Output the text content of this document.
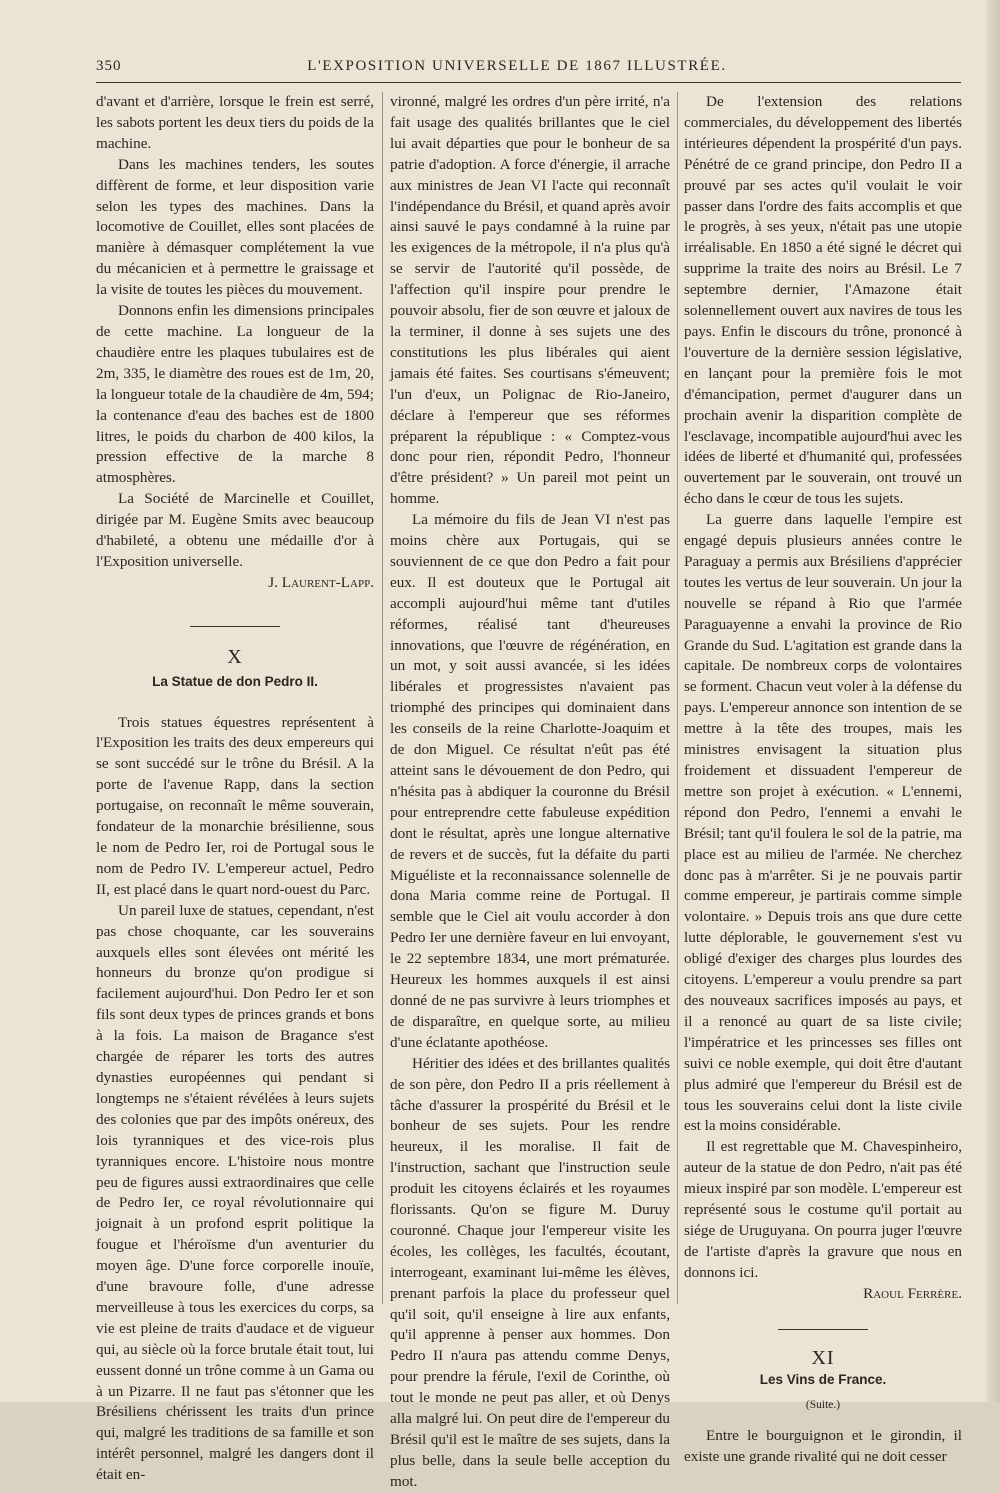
L'EXPOSITION UNIVERSELLE DE 1867 ILLUSTRÉE.
350

d'avant et d'arrière, lorsque le frein est serré, les sabots portent les deux tiers du poids de la machine.

Dans les machines tenders, les soutes diffèrent de forme, et leur disposition varie selon les types des machines. Dans la locomotive de Couillet, elles sont placées de manière à démasquer complétement la vue du mécanicien et à permettre le graissage et la visite de toutes les pièces du mouvement.

Donnons enfin les dimensions principales de cette machine. La longueur de la chaudière entre les plaques tubulaires est de 2m, 335, le diamètre des roues est de 1m, 20, la longueur totale de la chaudière de 4m, 594; la contenance d'eau des baches est de 1800 litres, le poids du charbon de 400 kilos, la pression effective de la marche 8 atmosphères.

La Société de Marcinelle et Couillet, dirigée par M. Eugène Smits avec beaucoup d'habileté, a obtenu une médaille d'or à l'Exposition universelle.

J. Laurent-Lapp.

X

La Statue de don Pedro II.

Trois statues équestres représentent à l'Exposition les traits des deux empereurs qui se sont succédé sur le trône du Brésil. A la porte de l'avenue Rapp, dans la section portugaise, on reconnaît le même souverain, fondateur de la monarchie brésilienne, sous le nom de Pedro Ier, roi de Portugal sous le nom de Pedro IV. L'empereur actuel, Pedro II, est placé dans le quart nord-ouest du Parc.

Un pareil luxe de statues, cependant, n'est pas chose choquante, car les souverains auxquels elles sont élevées ont mérité les honneurs du bronze qu'on prodigue si facilement aujourd'hui. Don Pedro Ier et son fils sont deux types de princes grands et bons à la fois. La maison de Bragance s'est chargée de réparer les torts des autres dynasties européennes qui pendant si longtemps ne s'étaient révélées à leurs sujets des colonies que par des impôts onéreux, des lois tyranniques et des vice-rois plus tyranniques encore. L'histoire nous montre peu de figures aussi extraordinaires que celle de Pedro Ier, ce royal révolutionnaire qui joignait à un profond esprit politique la fougue et l'héroïsme d'un aventurier du moyen âge. D'une force corporelle inouïe, d'une bravoure folle, d'une adresse merveilleuse à tous les exercices du corps, sa vie est pleine de traits d'audace et de vigueur qui, au siècle où la force brutale était tout, lui eussent donné un trône comme à un Gama ou à un Pizarre. Il ne faut pas s'étonner que les Brésiliens chérissent les traits d'un prince qui, malgré les traditions de sa famille et son intérêt personnel, malgré les dangers dont il était en-

vironné, malgré les ordres d'un père irrité, n'a fait usage des qualités brillantes que le ciel lui avait départies que pour le bonheur de sa patrie d'adoption. A force d'énergie, il arrache aux ministres de Jean VI l'acte qui reconnaît l'indépendance du Brésil, et quand après avoir ainsi sauvé le pays condamné à la ruine par les exigences de la métropole, il n'a plus qu'à se servir de l'autorité qu'il possède, de l'affection qu'il inspire pour prendre le pouvoir absolu, fier de son œuvre et jaloux de la terminer, il donne à ses sujets une des constitutions les plus libérales qui aient jamais été faites. Ses courtisans s'émeuvent; l'un d'eux, un Polignac de Rio-Janeiro, déclare à l'empereur que ses réformes préparent la république : « Comptez-vous donc pour rien, répondit Pedro, l'honneur d'être président? » Un pareil mot peint un homme.

La mémoire du fils de Jean VI n'est pas moins chère aux Portugais, qui se souviennent de ce que don Pedro a fait pour eux. Il est douteux que le Portugal ait accompli aujourd'hui même tant d'utiles réformes, réalisé tant d'heureuses innovations, que l'œuvre de régénération, en un mot, y soit aussi avancée, si les idées libérales et progressistes n'avaient pas triomphé des principes qui dominaient dans les conseils de la reine Charlotte-Joaquim et de don Miguel. Ce résultat n'eût pas été atteint sans le dévouement de don Pedro, qui n'hésita pas à abdiquer la couronne du Brésil pour entreprendre cette fabuleuse expédition dont le résultat, après une longue alternative de revers et de succès, fut la défaite du parti Miguéliste et la reconnaissance solennelle de dona Maria comme reine de Portugal. Il semble que le Ciel ait voulu accorder à don Pedro Ier une dernière faveur en lui envoyant, le 22 septembre 1834, une mort prématurée. Heureux les hommes auxquels il est ainsi donné de ne pas survivre à leurs triomphes et de disparaître, en quelque sorte, au milieu d'une éclatante apothéose.

Héritier des idées et des brillantes qualités de son père, don Pedro II a pris réellement à tâche d'assurer la prospérité du Brésil et le bonheur de ses sujets. Pour les rendre heureux, il les moralise. Il fait de l'instruction, sachant que l'instruction seule produit les citoyens éclairés et les royaumes florissants. Qu'on se figure M. Duruy couronné. Chaque jour l'empereur visite les écoles, les collèges, les facultés, écoutant, interrogeant, examinant lui-même les élèves, prenant parfois la place du professeur quel qu'il soit, qu'il enseigne à lire aux enfants, qu'il apprenne à penser aux hommes. Don Pedro II n'aura pas attendu comme Denys, pour prendre la férule, l'exil de Corinthe, où tout le monde ne peut pas aller, et où Denys alla malgré lui. On peut dire de l'empereur du Brésil qu'il est le maître de ses sujets, dans la plus belle, dans la seule belle acception du mot.

De l'extension des relations commerciales, du développement des libertés intérieures dépendent la prospérité d'un pays. Pénétré de ce grand principe, don Pedro II a prouvé par ses actes qu'il voulait le voir passer dans l'ordre des faits accomplis et que le progrès, à ses yeux, n'était pas une utopie irréalisable. En 1850 a été signé le décret qui supprime la traite des noirs au Brésil. Le 7 septembre dernier, l'Amazone était solennellement ouvert aux navires de tous les pays. Enfin le discours du trône, prononcé à l'ouverture de la dernière session législative, en lançant pour la première fois le mot d'émancipation, permet d'augurer dans un prochain avenir la disparition complète de l'esclavage, incompatible aujourd'hui avec les idées de liberté et d'humanité qui, professées ouvertement par le souverain, ont trouvé un écho dans le cœur de tous les sujets.

La guerre dans laquelle l'empire est engagé depuis plusieurs années contre le Paraguay a permis aux Brésiliens d'apprécier toutes les vertus de leur souverain. Un jour la nouvelle se répand à Rio que l'armée Paraguayenne a envahi la province de Rio Grande du Sud. L'agitation est grande dans la capitale. De nombreux corps de volontaires se forment. Chacun veut voler à la défense du pays. L'empereur annonce son intention de se mettre à la tête des troupes, mais les ministres envisagent la situation plus froidement et dissuadent l'empereur de mettre son projet à exécution. « L'ennemi, répond don Pedro, l'ennemi a envahi le Brésil; tant qu'il foulera le sol de la patrie, ma place est au milieu de l'armée. Ne cherchez donc pas à m'arrêter. Si je ne pouvais partir comme empereur, je partirais comme simple volontaire. » Depuis trois ans que dure cette lutte déplorable, le gouvernement s'est vu obligé d'exiger des charges plus lourdes des citoyens. L'empereur a voulu prendre sa part des nouveaux sacrifices imposés au pays, et il a renoncé au quart de sa liste civile; l'impératrice et les princesses ses filles ont suivi ce noble exemple, qui doit être d'autant plus admiré que l'empereur du Brésil est de tous les souverains celui dont la liste civile est la moins considérable.

Il est regrettable que M. Chavespinheiro, auteur de la statue de don Pedro, n'ait pas été mieux inspiré par son modèle. L'empereur est représenté sous le costume qu'il portait au siége de Uruguyana. On pourra juger l'œuvre de l'artiste d'après la gravure que nous en donnons ici.

Raoul Ferrère.

XI

Les Vins de France.

(Suite.)

Entre le bourguignon et le girondin, il existe une grande rivalité qui ne doit cesser
